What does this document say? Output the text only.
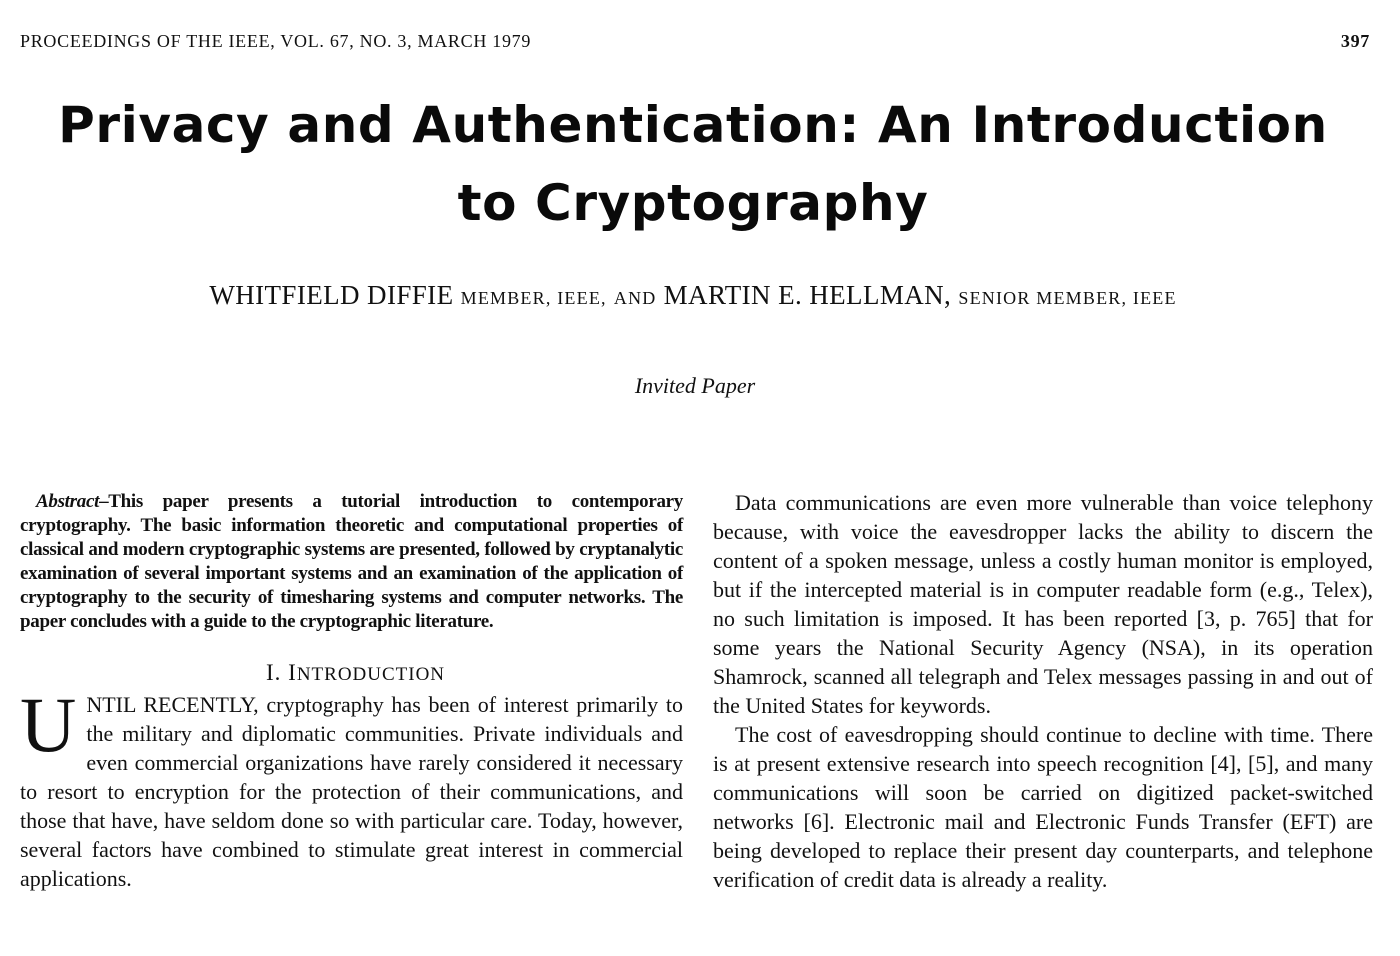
PROCEEDINGS OF THE IEEE, VOL. 67, NO. 3, MARCH 1979	397
Privacy and Authentication: An Introduction
to Cryptography
WHITFIELD DIFFIE MEMBER, IEEE, AND MARTIN E. HELLMAN, SENIOR MEMBER, IEEE
Invited Paper

Abstract–This paper presents a tutorial introduction to contemporary cryptography. The basic information theoretic and computational properties of classical and modern cryptographic systems are presented, followed by cryptanalytic examination of several important systems and an examination of the application of cryptography to the security of timesharing systems and computer networks. The paper concludes with a guide to the cryptographic literature.

I. INTRODUCTION

UNTIL RECENTLY, cryptography has been of interest primarily to the military and diplomatic communities. Private individuals and even commercial organizations have rarely considered it necessary to resort to encryption for the protection of their communications, and those that have, have seldom done so with particular care. Today, however, several factors have combined to stimulate great interest in commercial applications.

Data communications are even more vulnerable than voice telephony because, with voice the eavesdropper lacks the ability to discern the content of a spoken message, unless a costly human monitor is employed, but if the intercepted material is in computer readable form (e.g., Telex), no such limitation is imposed. It has been reported [3, p. 765] that for some years the National Security Agency (NSA), in its operation Shamrock, scanned all telegraph and Telex messages passing in and out of the United States for keywords.

The cost of eavesdropping should continue to decline with time. There is at present extensive research into speech recognition [4], [5], and many communications will soon be carried on digitized packet-switched networks [6]. Electronic mail and Electronic Funds Transfer (EFT) are being developed to replace their present day counterparts, and telephone verification of credit data is already a reality.
